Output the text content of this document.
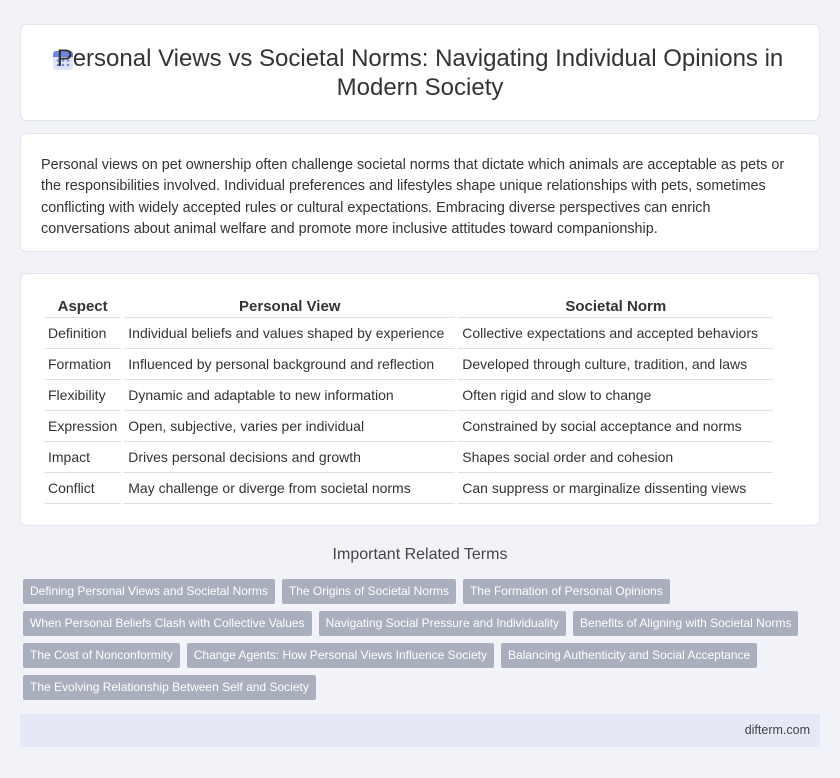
Personal Views vs Societal Norms: Navigating Individual Opinions in Modern Society

Personal views on pet ownership often challenge societal norms that dictate which animals are acceptable as pets or the responsibilities involved. Individual preferences and lifestyles shape unique relationships with pets, sometimes conflicting with widely accepted rules or cultural expectations. Embracing diverse perspectives can enrich conversations about animal welfare and promote more inclusive attitudes toward companionship.

Aspect	Personal View	Societal Norm
Definition	Individual beliefs and values shaped by experience	Collective expectations and accepted behaviors
Formation	Influenced by personal background and reflection	Developed through culture, tradition, and laws
Flexibility	Dynamic and adaptable to new information	Often rigid and slow to change
Expression	Open, subjective, varies per individual	Constrained by social acceptance and norms
Impact	Drives personal decisions and growth	Shapes social order and cohesion
Conflict	May challenge or diverge from societal norms	Can suppress or marginalize dissenting views
Important Related Terms
Defining Personal Views and Societal Norms	The Origins of Societal Norms	The Formation of Personal Opinions
When Personal Beliefs Clash with Collective Values	Navigating Social Pressure and Individuality	Benefits of Aligning with Societal Norms
The Cost of Nonconformity	Change Agents: How Personal Views Influence Society	Balancing Authenticity and Social Acceptance
The Evolving Relationship Between Self and Society
difterm.com
